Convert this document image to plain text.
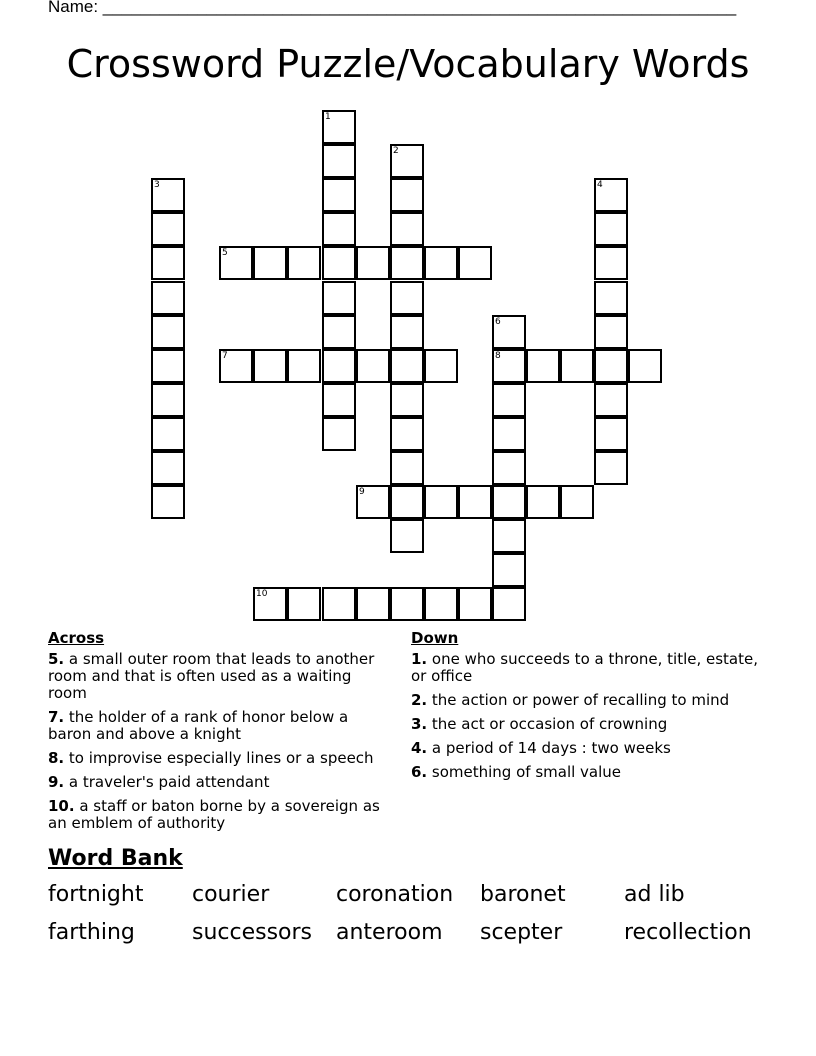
Name: ___________________________________________________________________
Crossword Puzzle/Vocabulary Words
1
2
3	4
5
6
8
7
9
10
Across
5. a small outer room that leads to another room and that is often used as a waiting room
7. the holder of a rank of honor below a baron and above a knight
8. to improvise especially lines or a speech
9. a traveler's paid attendant
10. a staff or baton borne by a sovereign as an emblem of authority
Down
1. one who succeeds to a throne, title, estate, or office
2. the action or power of recalling to mind
3. the act or occasion of crowning
4. a period of 14 days : two weeks
6. something of small value
Word Bank
fortnight courier	coronation baronet	ad lib
farthing	successors anteroom scepter	recollection
